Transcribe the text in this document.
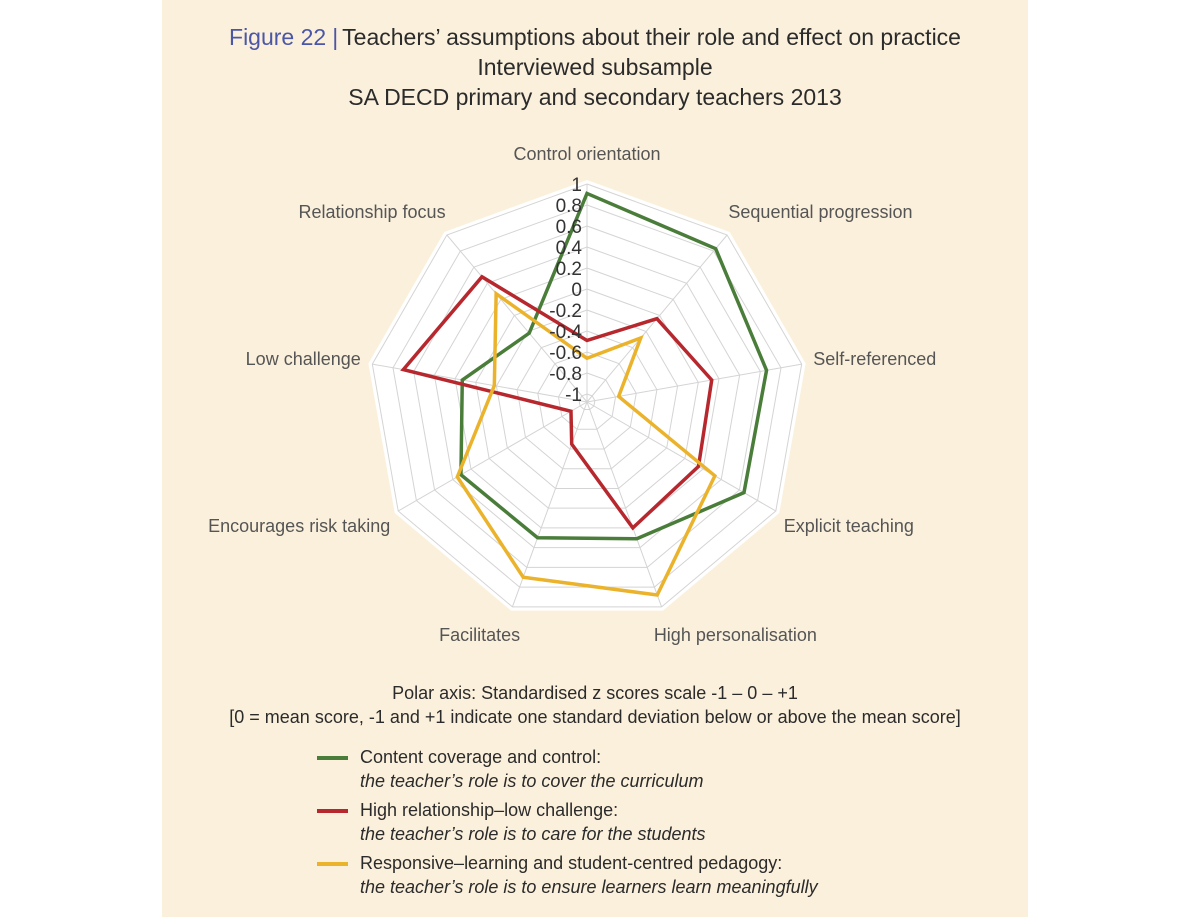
Figure 22 | Teachers’ assumptions about their role and effect on practice
Interviewed subsample
SA DECD primary and secondary teachers 2013
1
0.8
0.6
0.4
0.2
0
-0.2
-0.4
-0.6
-0.8
-1
Control orientation
Sequential progression
Self-referenced
Explicit teaching
High personalisation
Facilitates
Encourages risk taking
Low challenge
Relationship focus
Polar axis: Standardised z scores scale -1 – 0 – +1
[0 = mean score, -1 and +1 indicate one standard deviation below or above the mean score]
Content coverage and control:
the teacher’s role is to cover the curriculum
High relationship–low challenge:
the teacher’s role is to care for the students
Responsive–learning and student-centred pedagogy:
the teacher’s role is to ensure learners learn meaningfully
